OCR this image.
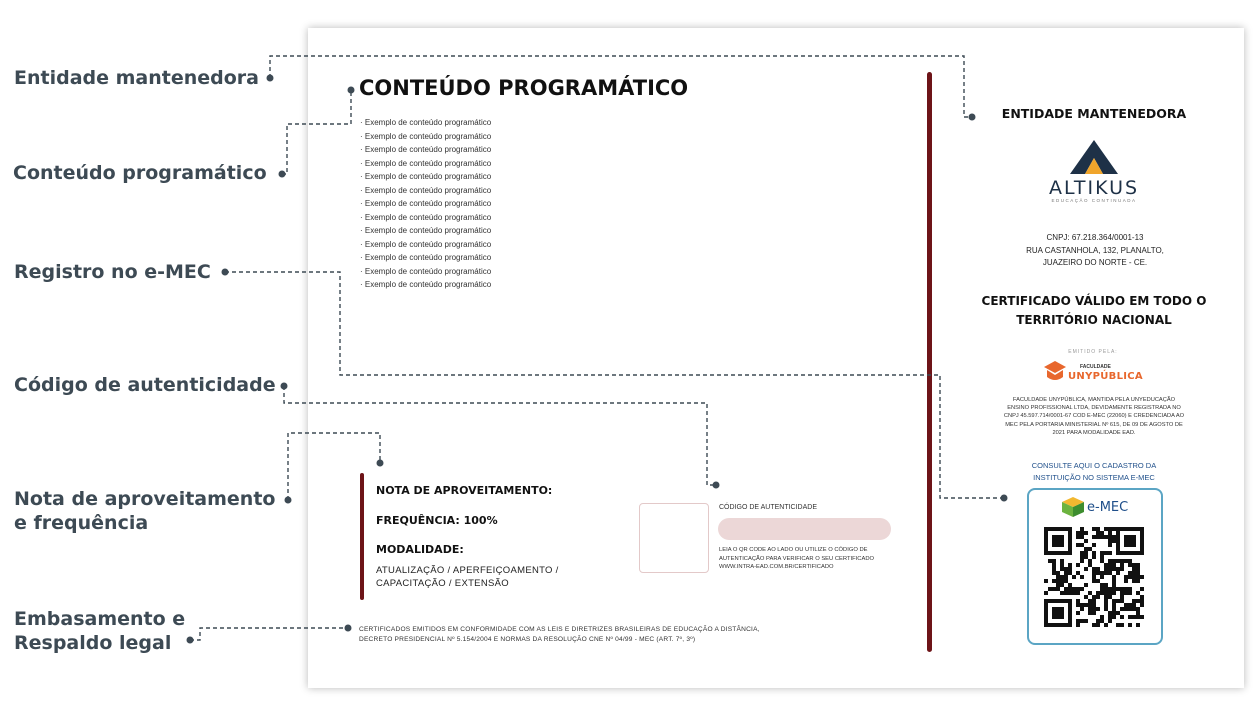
Entidade mantenedora
Conteúdo programático
Registro no e-MEC
Código de autenticidade
Nota de aproveitamento
e frequência
Embasamento e
Respaldo legal
CONTEÚDO PROGRAMÁTICO
· Exemplo de conteúdo programático
· Exemplo de conteúdo programático
· Exemplo de conteúdo programático
· Exemplo de conteúdo programático
· Exemplo de conteúdo programático
· Exemplo de conteúdo programático
· Exemplo de conteúdo programático
· Exemplo de conteúdo programático
· Exemplo de conteúdo programático
· Exemplo de conteúdo programático
· Exemplo de conteúdo programático
· Exemplo de conteúdo programático
· Exemplo de conteúdo programático
NOTA DE APROVEITAMENTO:
FREQUÊNCIA: 100%
MODALIDADE:
ATUALIZAÇÃO / APERFEIÇOAMENTO /
CAPACITAÇÃO / EXTENSÃO
CÓDIGO DE AUTENTICIDADE
LEIA O QR CODE AO LADO OU UTILIZE O CÓDIGO DE
AUTENTICAÇÃO PARA VERIFICAR O SEU CERTIFICADO
WWW.INTRA-EAD.COM.BR/CERTIFICADO
CERTIFICADOS EMITIDOS EM CONFORMIDADE COM AS LEIS E DIRETRIZES BRASILEIRAS DE EDUCAÇÃO A DISTÂNCIA,
DECRETO PRESIDENCIAL Nº 5.154/2004 E NORMAS DA RESOLUÇÃO CNE Nº 04/99 - MEC (ART. 7º, 3º)
ENTIDADE MANTENEDORA
ALTIKUS
EDUCAÇÃO CONTINUADA
CNPJ: 67.218.364/0001-13
RUA CASTANHOLA, 132, PLANALTO,
JUAZEIRO DO NORTE - CE.
CERTIFICADO VÁLIDO EM TODO O
TERRITÓRIO NACIONAL
EMITIDO PELA:
FACULDADE
UNYPÚBLICA
FACULDADE UNYPÚBLICA, MANTIDA PELA UNYEDUCAÇÃO
ENSINO PROFISSIONAL LTDA, DEVIDAMENTE REGISTRADA NO
CNPJ 45.597.714/0001-67 COD E-MEC (22060) E CREDENCIADA AO
MEC PELA PORTARIA MINISTERIAL Nº 615, DE 09 DE AGOSTO DE
2021 PARA MODALIDADE EAD.
CONSULTE AQUI O CADASTRO DA
INSTITUIÇÃO NO SISTEMA E-MEC
e-MEC
